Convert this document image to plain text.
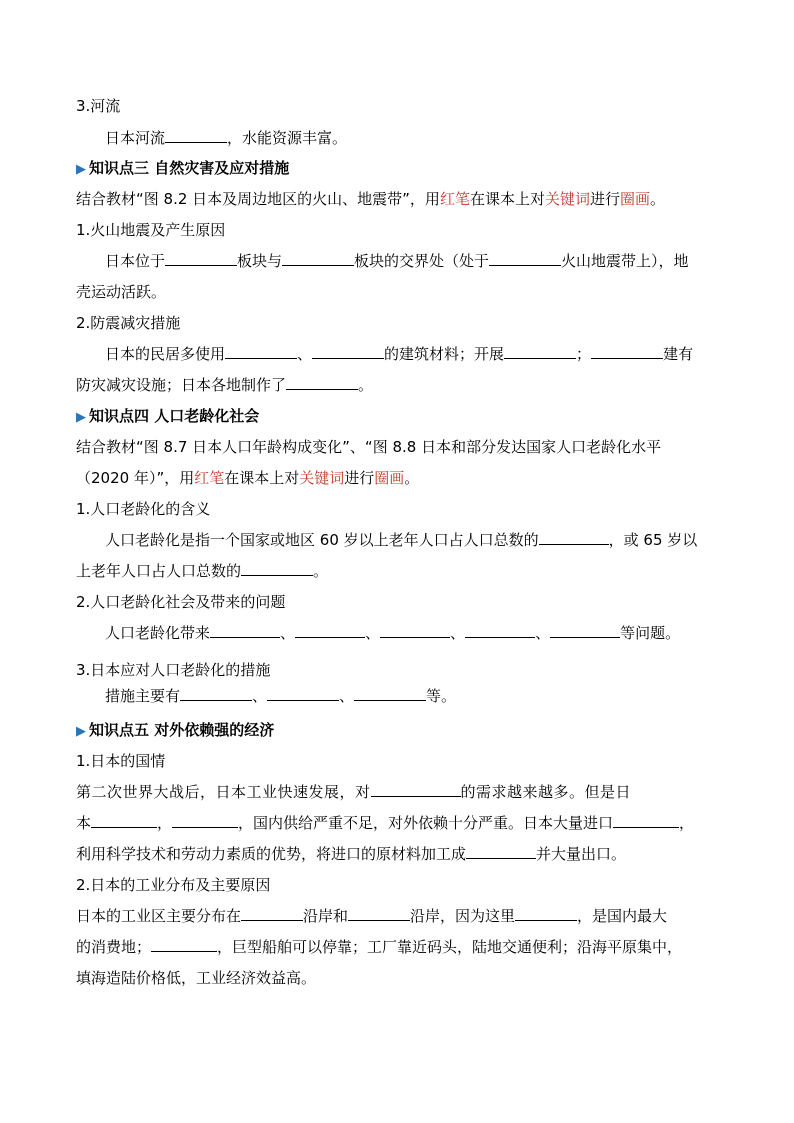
3.河流
日本河流	，水能资源丰富。
▶ 知识点三 自然灾害及应对措施
结合教材“图 8.2 日本及周边地区的火山、地震带”，用红笔在课本上对关键词进行圈画。
1.火山地震及产生原因
日本位于	板块与	板块的交界处（处于	火山地震带上），地
壳运动活跃。
2.防震减灾措施
日本的民居多使用	、	的建筑材料；开展	；	建有
防灾减灾设施；日本各地制作了	。
▶ 知识点四 人口老龄化社会
结合教材“图 8.7 日本人口年龄构成变化”、“图 8.8 日本和部分发达国家人口老龄化水平
（2020 年）”，用红笔在课本上对关键词进行圈画。
1.人口老龄化的含义
人口老龄化是指一个国家或地区 60 岁以上老年人口占人口总数的	，或 65 岁以
上老年人口占人口总数的	。
2.人口老龄化社会及带来的问题
人口老龄化带来	、	、	、	、	等问题。
3.日本应对人口老龄化的措施
措施主要有	、	、	等。
▶ 知识点五 对外依赖强的经济
1.日本的国情
第二次世界大战后，日本工业快速发展，对	的需求越来越多。但是日
本	，	，国内供给严重不足，对外依赖十分严重。日本大量进口	，
利用科学技术和劳动力素质的优势，将进口的原材料加工成	并大量出口。
2.日本的工业分布及主要原因
日本的工业区主要分布在	沿岸和	沿岸，因为这里	，是国内最大
的消费地；	，巨型船舶可以停靠；工厂靠近码头，陆地交通便利；沿海平原集中，
填海造陆价格低，工业经济效益高。
